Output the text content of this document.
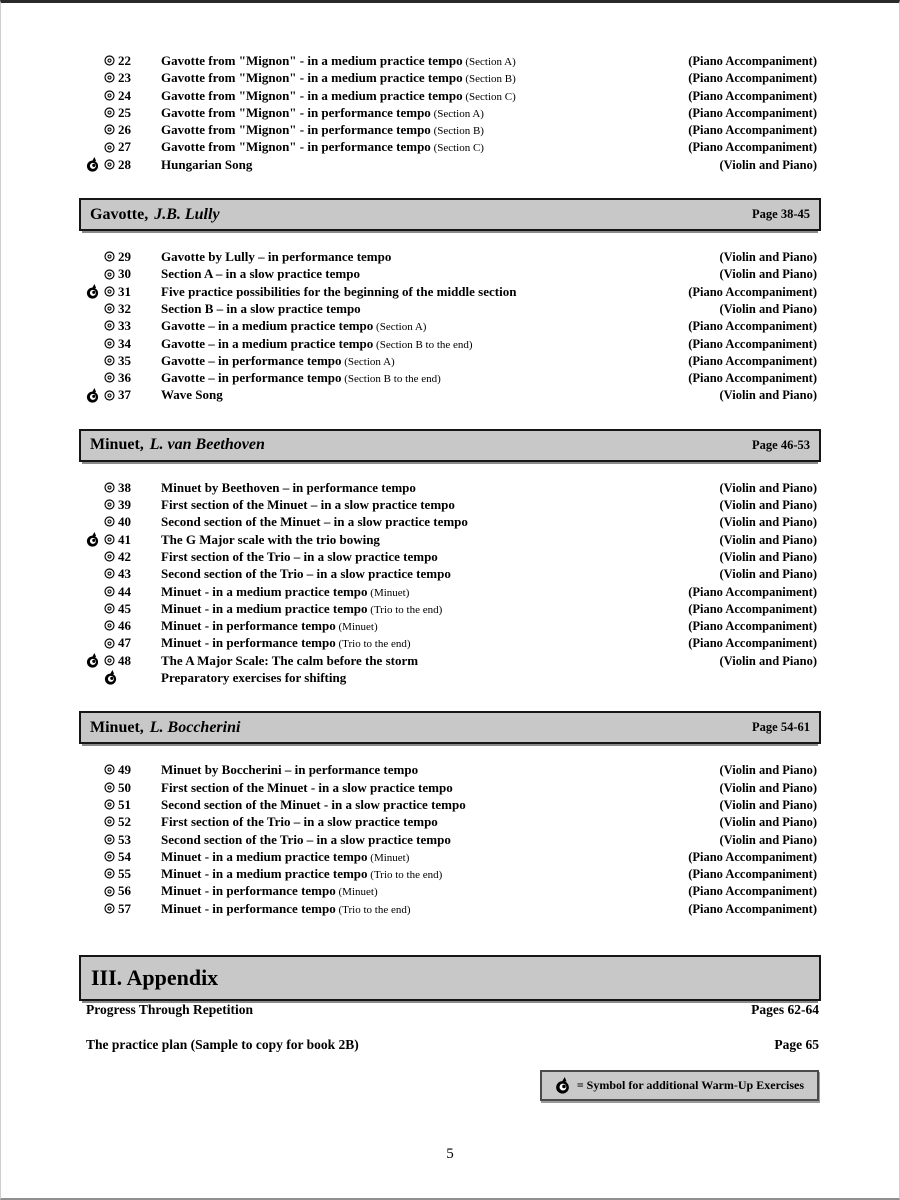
22	Gavotte from "Mignon" - in a medium practice tempo (Section A)	(Piano Accompaniment)
23	Gavotte from "Mignon" - in a medium practice tempo (Section B)	(Piano Accompaniment)
24	Gavotte from "Mignon" - in a medium practice tempo (Section C)	(Piano Accompaniment)
25	Gavotte from "Mignon" - in performance tempo (Section A)	(Piano Accompaniment)
26	Gavotte from "Mignon" - in performance tempo (Section B)	(Piano Accompaniment)
27	Gavotte from "Mignon" - in performance tempo (Section C)	(Piano Accompaniment)
28	Hungarian Song	(Violin and Piano)
Gavotte, J.B. Lully	Page 38-45
29	Gavotte by Lully – in performance tempo	(Violin and Piano)
30	Section A – in a slow practice tempo	(Violin and Piano)
31	Five practice possibilities for the beginning of the middle section	(Piano Accompaniment)
32	Section B – in a slow practice tempo	(Violin and Piano)
33	Gavotte – in a medium practice tempo (Section A)	(Piano Accompaniment)
34	Gavotte – in a medium practice tempo (Section B to the end)	(Piano Accompaniment)
35	Gavotte – in performance tempo (Section A)	(Piano Accompaniment)
36	Gavotte – in performance tempo (Section B to the end)	(Piano Accompaniment)
37	Wave Song	(Violin and Piano)
Minuet, L. van Beethoven	Page 46-53
38	Minuet by Beethoven – in performance tempo	(Violin and Piano)
39	First section of the Minuet – in a slow practice tempo	(Violin and Piano)
40	Second section of the Minuet – in a slow practice tempo	(Violin and Piano)
41	The G Major scale with the trio bowing	(Violin and Piano)
42	First section of the Trio – in a slow practice tempo	(Violin and Piano)
43	Second section of the Trio – in a slow practice tempo	(Violin and Piano)
44	Minuet - in a medium practice tempo (Minuet)	(Piano Accompaniment)
45	Minuet - in a medium practice tempo (Trio to the end)	(Piano Accompaniment)
46	Minuet - in performance tempo (Minuet)	(Piano Accompaniment)
47	Minuet - in performance tempo (Trio to the end)	(Piano Accompaniment)
48	The A Major Scale: The calm before the storm	(Violin and Piano)
Preparatory exercises for shifting
Minuet, L. Boccherini	Page 54-61
49	Minuet by Boccherini – in performance tempo	(Violin and Piano)
50	First section of the Minuet - in a slow practice tempo	(Violin and Piano)
51	Second section of the Minuet - in a slow practice tempo	(Violin and Piano)
52	First section of the Trio – in a slow practice tempo	(Violin and Piano)
53	Second section of the Trio – in a slow practice tempo	(Violin and Piano)
54	Minuet - in a medium practice tempo (Minuet)	(Piano Accompaniment)
55	Minuet - in a medium practice tempo (Trio to the end)	(Piano Accompaniment)
56	Minuet - in performance tempo (Minuet)	(Piano Accompaniment)
57	Minuet - in performance tempo (Trio to the end)	(Piano Accompaniment)
III. Appendix
Progress Through Repetition	Pages 62-64
The practice plan (Sample to copy for book 2B)	Page 65
= Symbol for additional Warm-Up Exercises
5
